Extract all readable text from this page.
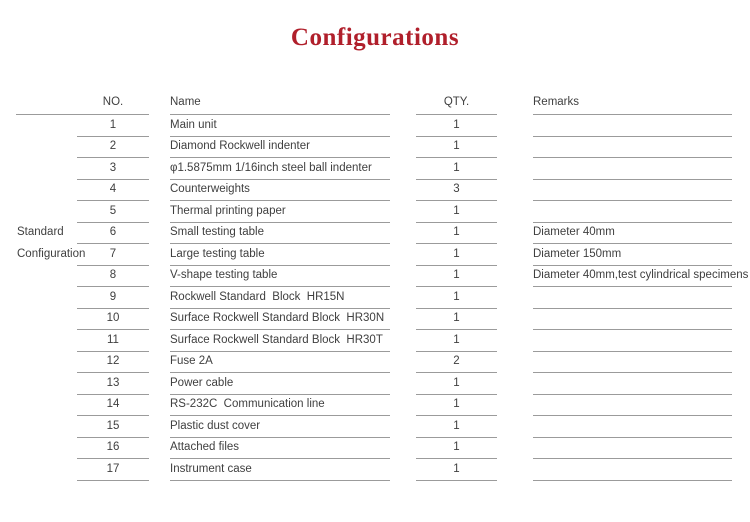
Configurations
Standard
Configuration
NO.	Name	QTY.	Remarks
1	Main unit	1
2	Diamond Rockwell indenter	1
3	φ1.5875mm 1/16inch steel ball indenter	1
4	Counterweights	3
5	Thermal printing paper	1
6	Small testing table	1	Diameter 40mm
7	Large testing table	1	Diameter 150mm
8	V-shape testing table	1	Diameter 40mm,test cylindrical specimens
9	Rockwell Standard  Block  HR15N	1
10	Surface Rockwell Standard Block  HR30N	1
11	Surface Rockwell Standard Block  HR30T	1
12	Fuse 2A	2
13	Power cable	1
14	RS-232C  Communication line	1
15	Plastic dust cover	1
16	Attached files	1
17	Instrument case	1
